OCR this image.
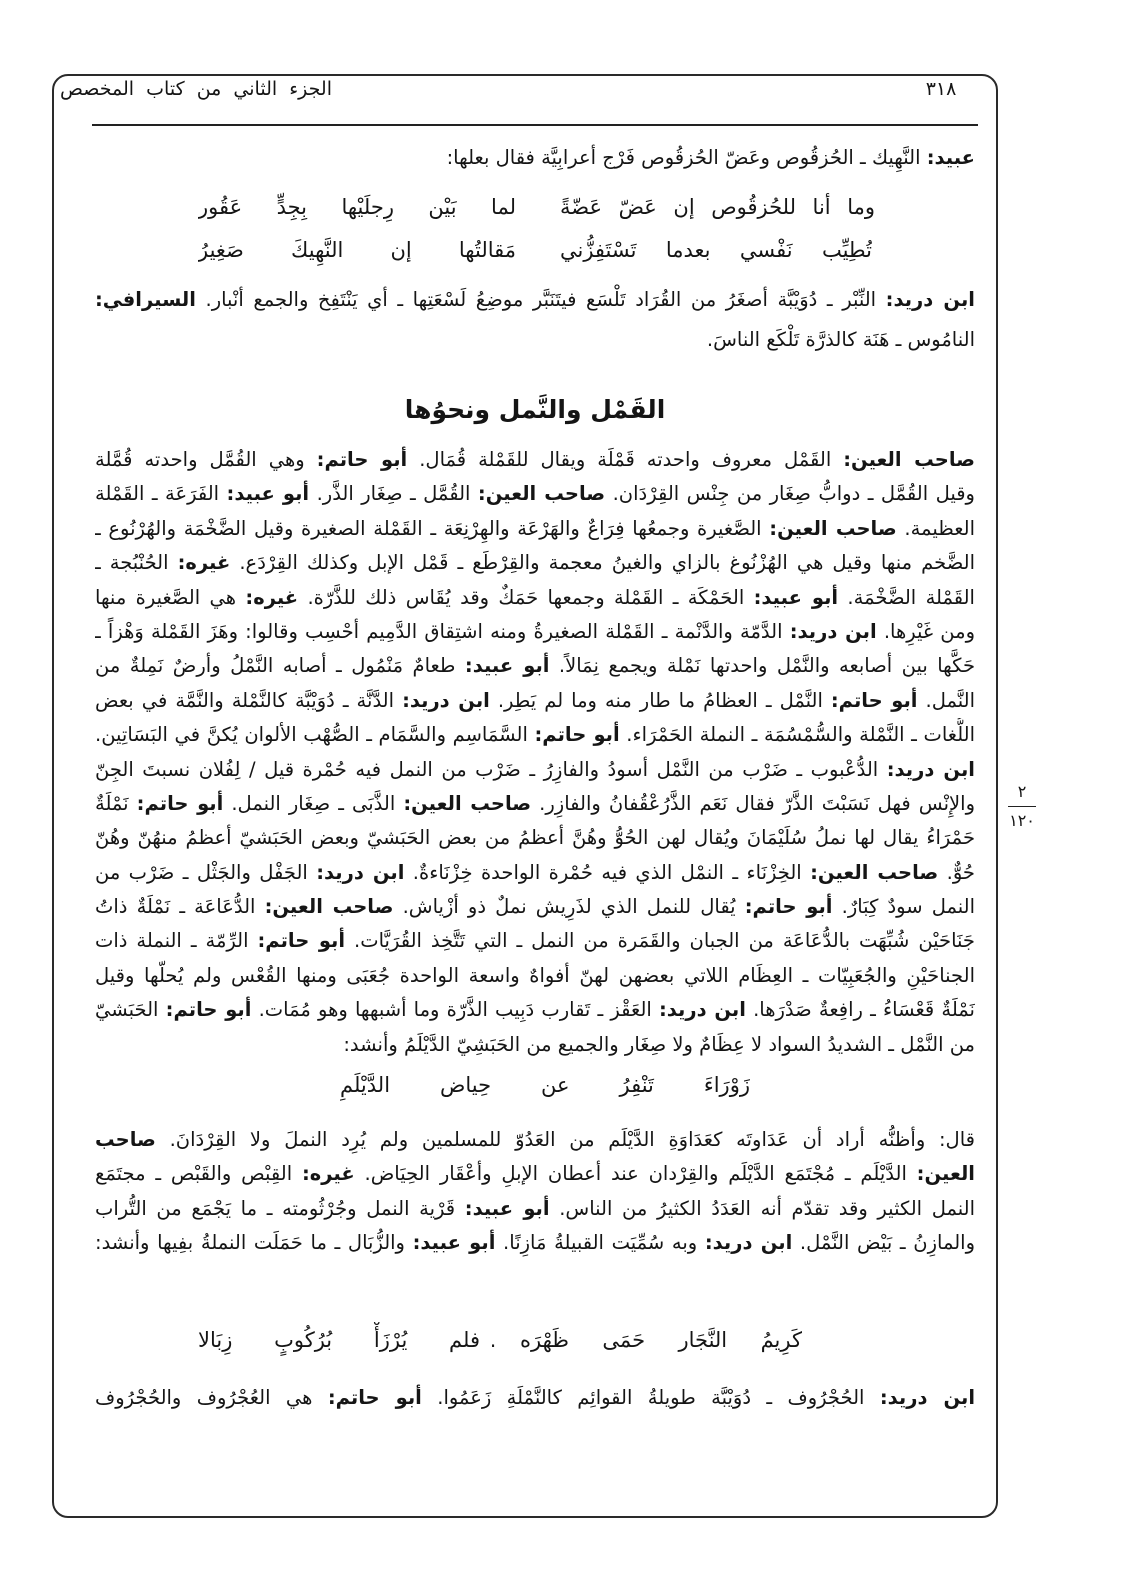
الجزء الثاني من كتاب المخصص	٣١٨
عبيد: النَّهِيك ـ الحُزقُوص وعَضّ الحُزقُوص فَرْج أعرابِيَّة فقال بعلها:
وما أنا للحُزقُوص إن عَضّ عَضّةً
لما بَيْن رِجلَيْها بِجِدٍّ عَقُور
تُطِيِّب نَفْسي بعدما تَسْتَفِزُّني
مَقالتُها إن النَّهِيكَ صَغِيرُ
ابن دريد: النِّبْر ـ دُوَيْبَّة أصغَرُ من القُرَاد تَلْسَع فيتَنَبَّر موضِعُ لَسْعَتِها ـ أي يَنْتَفِخ والجمع أنْبار. السيرافي:
النامُوس ـ هَنَة كالذرَّة تَلْكَع الناسَ.
القَمْل والنَّمل ونحوُها
صاحب العين: القَمْل معروف واحدته قَمْلَة ويقال للقَمْلة قُمَال. أبو حاتم: وهي القُمَّل واحدته قُمَّلة
وقيل القُمَّل ـ دوابُّ صِغَار من جِنْس القِرْدَان. صاحب العين: القُمَّل ـ صِغَار الذَّر. أبو عبيد: الفَرَعَة ـ القَمْلة
العظيمة. صاحب العين: الصَّغيرة وجمعُها فِرَاعٌ والهَرْعَة والهِرْنِعَة ـ القَمْلة الصغيرة وقيل الضَّخْمَة والهُرْنُوع ـ
الضَّخم منها وقيل هي الهُزْنُوغ بالزاي والغينُ معجمة والقِرْطَع ـ قَمْل الإبل وكذلك القِرْدَع. غيره: الحُنْبُجة ـ
القَمْلة الضَّخْمَة. أبو عبيد: الحَمْكَة ـ القَمْلة وجمعها حَمَكٌ وقد يُقَاس ذلك للذَّرّة. غيره: هي الصَّغيرة منها
ومن غَيْرِها. ابن دريد: الدَّمّة والدَّنْمة ـ القَمْلة الصغيرةُ ومنه اشتِقاق الدَّمِيم أحْسِب وقالوا: وهَزَ القَمْلة وَهْزاً ـ
حَكَّها بين أصابعه والنَّمْل واحدتها نَمْلة ويجمع نِمَالاً. أبو عبيد: طعامٌ مَنْمُول ـ أصابه النَّمْلُ وأرضٌ نَمِلةٌ من
النَّمل. أبو حاتم: النَّمْل ـ العظامُ ما طار منه وما لم يَطِر. ابن دريد: الدَّنَّة ـ دُوَيْبَّة كالنَّمْلة والنَّمَّة في بعض
اللُّغات ـ النَّمْلة والسُّمْسُمَة ـ النملة الحَمْرَاء. أبو حاتم: السَّمَاسِم والسَّمَام ـ الصُّهْب الألوان يُكنَّ في البَسَاتِين.
ابن دريد: الدُّعْبوب ـ ضَرْب من النَّمْل أسودُ والفازِرُ ـ ضَرْب من النمل فيه حُمْرة قيل / لِفُلان نسبتَ الجِنّ
والإِنْس فهل نَسَبْتَ الذَّرّ فقال نَعَم الذَّرُعْقُفانُ والفازِر. صاحب العين: الذَّبَى ـ صِغَار النمل. أبو حاتم: نَمْلَةٌ
حَمْرَاءُ يقال لها نملُ سُلَيْمَانَ ويُقال لهن الحُوُّ وهُنَّ أعظمُ من بعض الحَبَشيّ وبعض الحَبَشيّ أعظمُ منهُنّ وهُنّ
حُوٌّ. صاحب العين: الخِزْنَاء ـ النمْل الذي فيه حُمْرة الواحدة خِزْنَاءةٌ. ابن دريد: الجَفْل والجَثْل ـ ضَرْب من
النمل سودٌ كِبَارٌ. أبو حاتم: يُقال للنمل الذي لذَرِيش نملٌ ذو أزْياش. صاحب العين: الدُّعَاعَة ـ نَمْلَةٌ ذاتُ
جَنَاحَيْن شُبِّهَت بالدُّعَاعَة من الجبان والقَمَرة من النمل ـ التي تَتَّخِذ القُرَيَّات. أبو حاتم: الرِّمّة ـ النملة ذات
الجناحَيْنِ والجُعَبِيّات ـ العِظَام اللاتي بعضهن لهنّ أفواهٌ واسعة الواحدة جُعَبَى ومنها القُعْس ولم يُحلّها وقيل
نَمْلَةٌ قَعْسَاءُ ـ رافِعةٌ صَدْرَها. ابن دريد: العَقْز ـ تَقارب دَبِيب الذَّرّة وما أشبهها وهو مُمَات. أبو حاتم: الحَبَشيّ
من النَّمْل ـ الشديدُ السواد لا عِظَامٌ ولا صِغَار والجميع من الحَبَشِيّ الدَّيْلَمُ وأنشد:
زَوْرَاءَ تَنْفِرُ عن حِياض الدَّيْلَمِ
قال: وأظنُّه أراد أن عَدَاوتَه كعَدَاوَةِ الدَّيْلَم من العَدُوّ للمسلمين ولم يُرِد النملَ ولا القِرْدَانَ. صاحب
العين: الدَّيْلَم ـ مُجْتَمَع الدَّيْلَم والقِرْدان عند أعطان الإبلِ وأعْقَار الحِيَاض. غيره: القِبْص والقَبْص ـ مجتَمَع
النمل الكثير وقد تقدّم أنه العَدَدُ الكثيرُ من الناس. أبو عبيد: قَرْية النمل وجُرْثُومته ـ ما يَجْمَع من التُّراب
والمازِنُ ـ بَيْض النَّمْل. ابن دريد: وبه سُمِّيَت القبيلةُ مَازِنًا. أبو عبيد: والزُّبَال ـ ما حَمَلَت النملةُ بفِيها وأنشد:
كَرِيمُ النَّجَار حَمَى ظَهْرَه
.
فلم يُرْزَأْ بُرُكُوبٍ زِبَالا
ابن دريد: الحُجْرُوف ـ دُوَيْبَّة طويلةُ القوائِم كالنَّمْلَةِ زَعَمُوا. أبو حاتم: هي العُجْرُوف والحُجْرُوف
٢
١٢٠
